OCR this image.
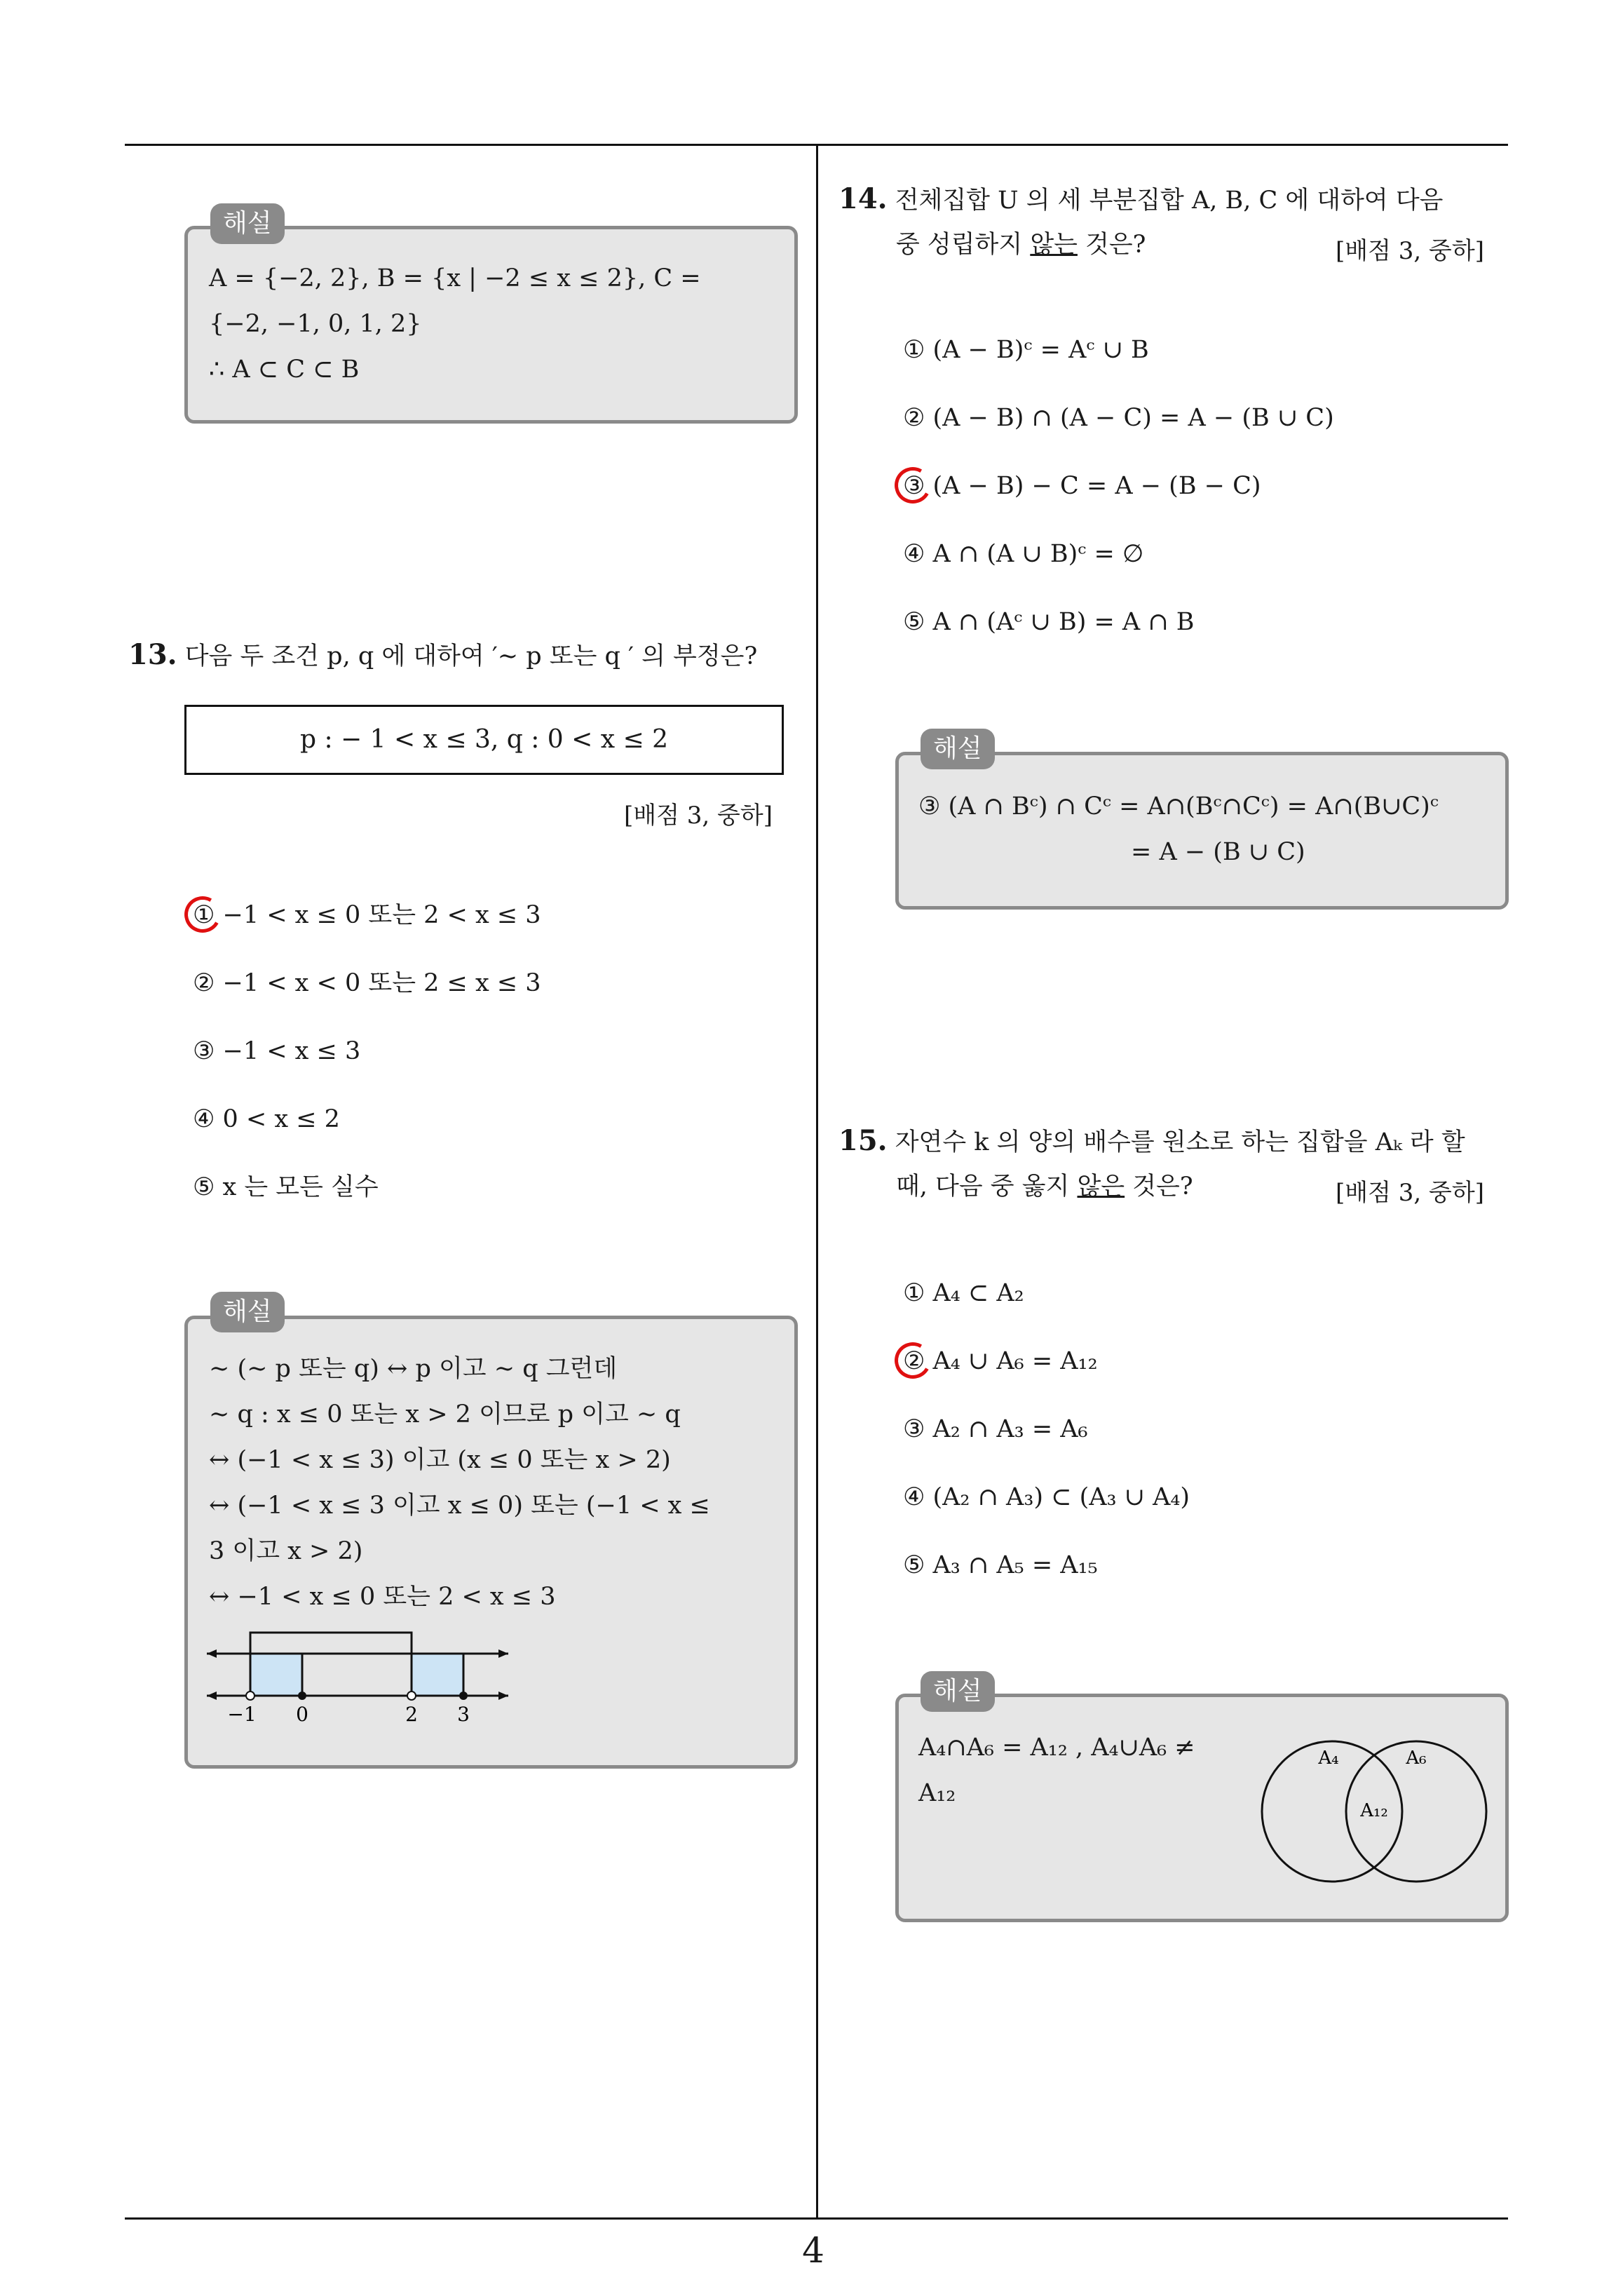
4
해설
A = {−2, 2}, B = {x | −2 ≤ x ≤ 2}, C =
{−2, −1, 0, 1, 2}
∴ A ⊂ C ⊂ B
13. 다음 두 조건 p, q 에 대하여 ′∼ p 또는 q ′ 의 부정은?
p : − 1 < x ≤ 3, q : 0 < x ≤ 2
[배점 3, 중하]
① −1 < x ≤ 0 또는 2 < x ≤ 3
② −1 < x < 0 또는 2 ≤ x ≤ 3
③ −1 < x ≤ 3
④ 0 < x ≤ 2
⑤ x 는 모든 실수
해설
∼ (∼ p 또는 q) ↔ p 이고 ∼ q 그런데
∼ q : x ≤ 0 또는 x > 2 이므로 p 이고 ∼ q
↔ (−1 < x ≤ 3) 이고 (x ≤ 0 또는 x > 2)
↔ (−1 < x ≤ 3 이고 x ≤ 0) 또는 (−1 < x ≤
3 이고 x > 2)
↔ −1 < x ≤ 0 또는 2 < x ≤ 3
−1 0	2 3
14. 전체집합 U 의 세 부분집합 A, B, C 에 대하여 다음
중 성립하지 않는 것은?	[배점 3, 중하]
① (A − B)ᶜ = Aᶜ ∪ B
② (A − B) ∩ (A − C) = A − (B ∪ C)
③ (A − B) − C = A − (B − C)
④ A ∩ (A ∪ B)ᶜ = ∅
⑤ A ∩ (Aᶜ ∪ B) = A ∩ B
해설
③ (A ∩ Bᶜ) ∩ Cᶜ = A∩(Bᶜ∩Cᶜ) = A∩(B∪C)ᶜ
= A − (B ∪ C)
15. 자연수 k 의 양의 배수를 원소로 하는 집합을 Aₖ 라 할
때, 다음 중 옳지 않은 것은?	[배점 3, 중하]
① A₄ ⊂ A₂
② A₄ ∪ A₆ = A₁₂
③ A₂ ∩ A₃ = A₆
④ (A₂ ∩ A₃) ⊂ (A₃ ∪ A₄)
⑤ A₃ ∩ A₅ = A₁₅
해설
A₄∩A₆ = A₁₂ , A₄∪A₆ ≠
A₁₂
A₄	A₆
A₁₂
